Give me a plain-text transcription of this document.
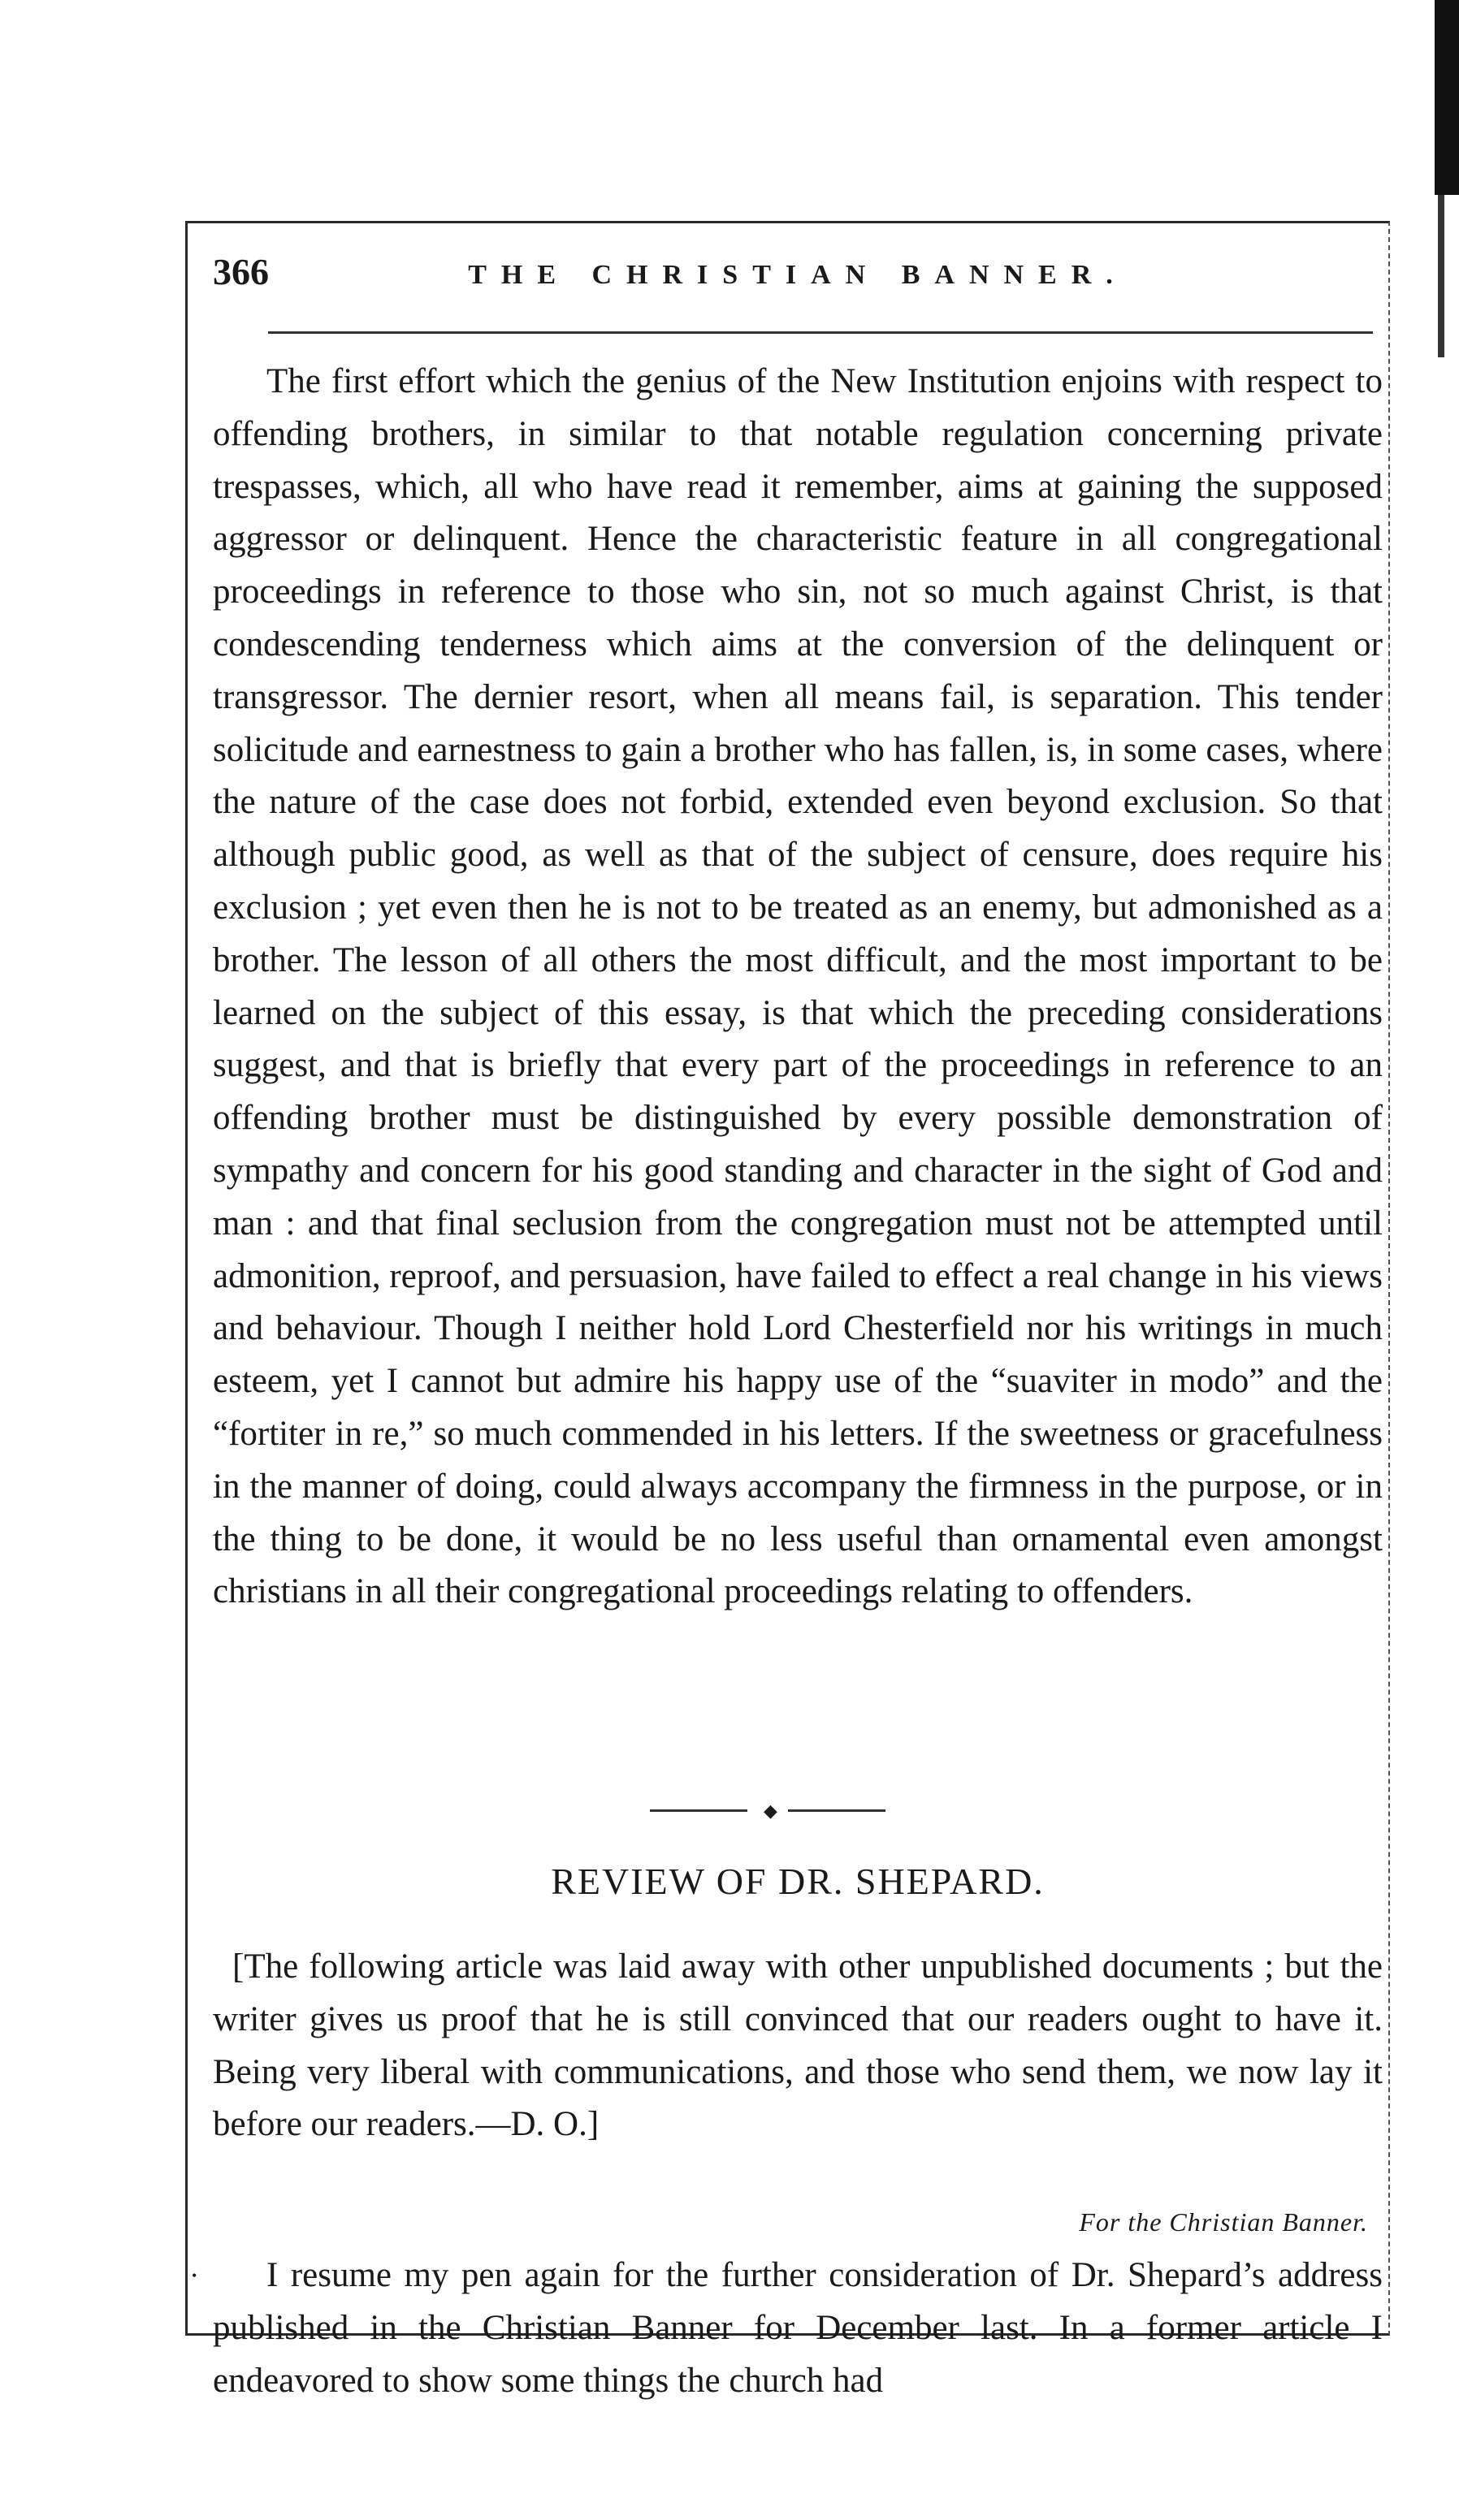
366	THE CHRISTIAN BANNER.

The first effort which the genius of the New Institution enjoins with respect to offending brothers, in similar to that notable regulation concerning private trespasses, which, all who have read it remember, aims at gaining the supposed aggressor or delinquent. Hence the characteristic feature in all congregational proceedings in reference to those who sin, not so much against Christ, is that condescending tenderness which aims at the conversion of the delinquent or transgressor. The dernier resort, when all means fail, is separation. This tender solicitude and earnestness to gain a brother who has fallen, is, in some cases, where the nature of the case does not forbid, extended even beyond exclusion. So that although public good, as well as that of the subject of censure, does require his exclusion ; yet even then he is not to be treated as an enemy, but admonished as a brother. The lesson of all others the most difficult, and the most important to be learned on the subject of this essay, is that which the preceding considerations suggest, and that is briefly that every part of the proceedings in reference to an offending brother must be distinguished by every possible demonstration of sympathy and concern for his good standing and character in the sight of God and man : and that final seclusion from the congregation must not be attempted until admonition, reproof, and persuasion, have failed to effect a real change in his views and behaviour. Though I neither hold Lord Chesterfield nor his writings in much esteem, yet I cannot but admire his happy use of the “suaviter in modo” and the “fortiter in re,” so much commended in his letters. If the sweetness or gracefulness in the manner of doing, could always accompany the firmness in the purpose, or in the thing to be done, it would be no less useful than ornamental even amongst christians in all their congregational proceedings relating to offenders.

◆
REVIEW OF DR. SHEPARD.

[The following article was laid away with other unpublished documents ; but the writer gives us proof that he is still convinced that our readers ought to have it. Being very liberal with communications, and those who send them, we now lay it before our readers.—D. O.]

For the Christian Banner.
•	I resume my pen again for the further consideration of Dr. Shepard’s address published in the Christian Banner for December last. In a former article I endeavored to show some things the church had
